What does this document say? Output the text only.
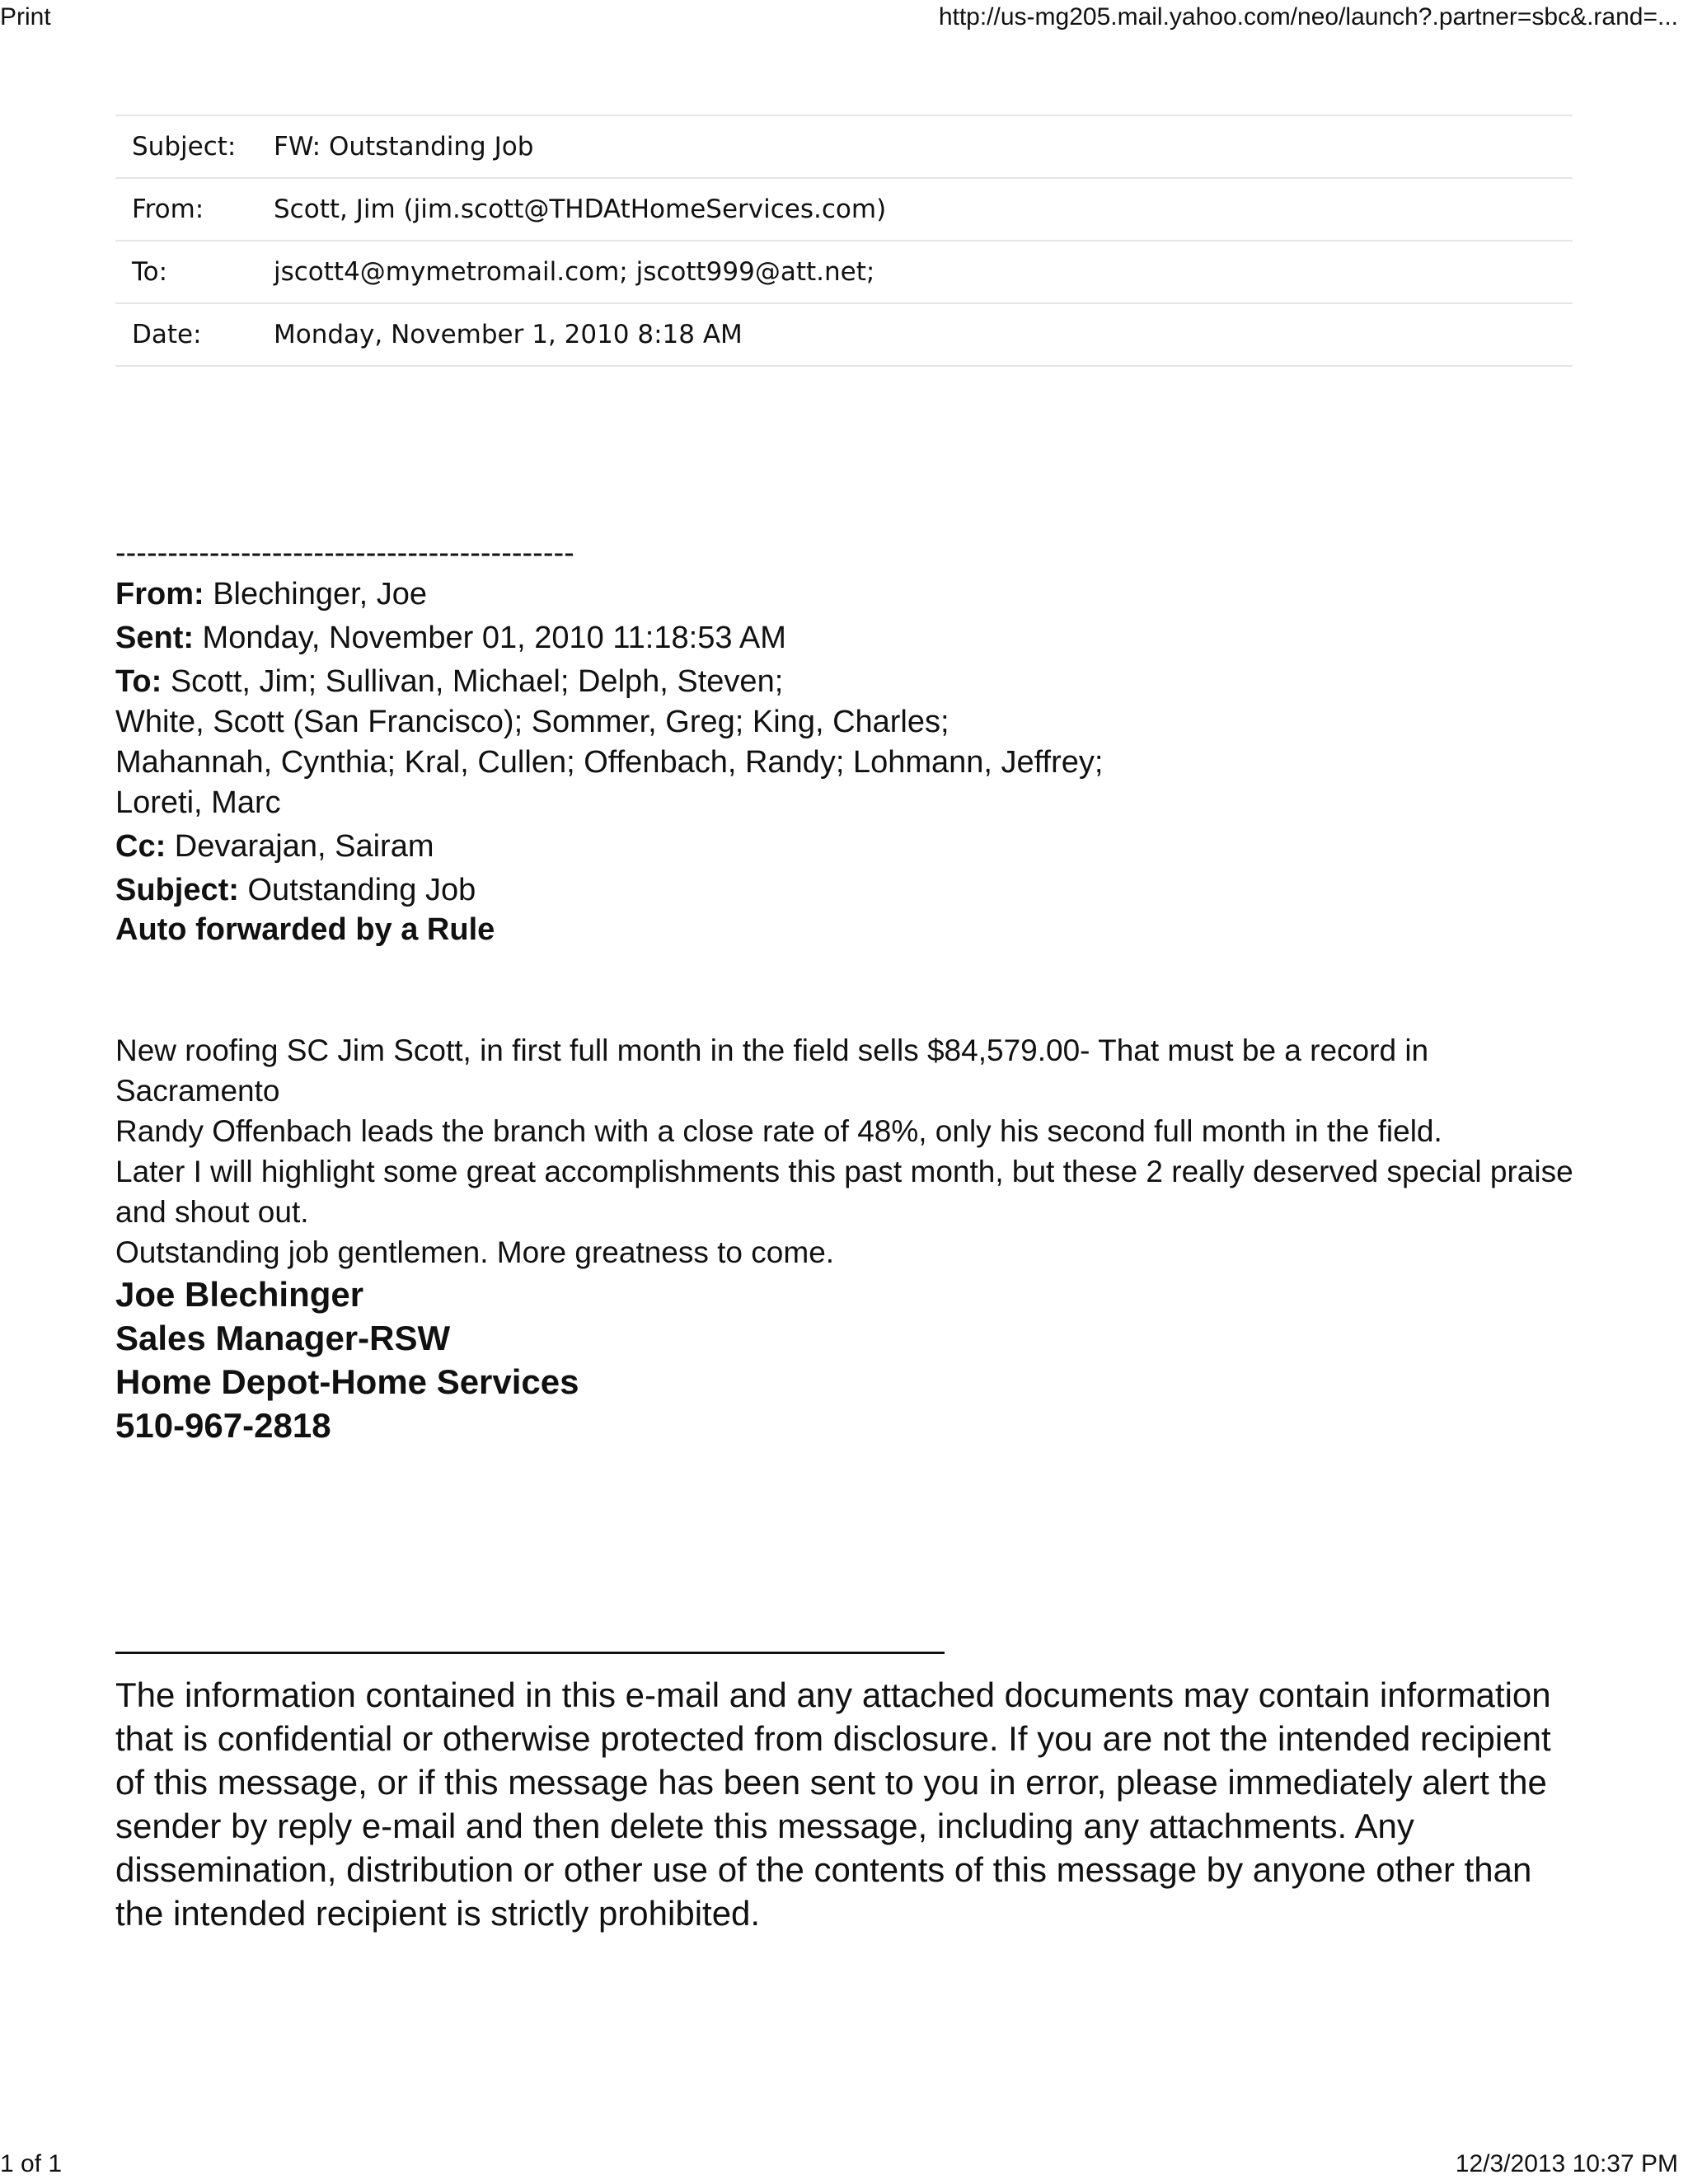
Print	http://us-mg205.mail.yahoo.com/neo/launch?.partner=sbc&.rand=...
Subject:	FW: Outstanding Job
From:	Scott, Jim (jim.scott@THDAtHomeServices.com)
To:	jscott4@mymetromail.com; jscott999@att.net;
Date:	Monday, November 1, 2010 8:18 AM
--------------------------------------------
From: Blechinger, Joe
Sent: Monday, November 01, 2010 11:18:53 AM
To: Scott, Jim; Sullivan, Michael; Delph, Steven;
White, Scott (San Francisco); Sommer, Greg; King, Charles;
Mahannah, Cynthia; Kral, Cullen; Offenbach, Randy; Lohmann, Jeffrey;
Loreti, Marc
Cc: Devarajan, Sairam
Subject: Outstanding Job
Auto forwarded by a Rule

New roofing SC Jim Scott, in first full month in the field sells $84,579.00- That must be a record in Sacramento

Randy Offenbach leads the branch with a close rate of 48%, only his second full month in the field.

Later I will highlight some great accomplishments this past month, but these 2 really deserved special praise and shout out.

Outstanding job gentlemen. More greatness to come.

Joe Blechinger
Sales Manager-RSW
Home Depot-Home Services
510-967-2818
The information contained in this e-mail and any attached documents may contain information that is confidential or otherwise protected from disclosure. If you are not the intended recipient of this message, or if this message has been sent to you in error, please immediately alert the sender by reply e-mail and then delete this message, including any attachments. Any dissemination, distribution or other use of the contents of this message by anyone other than the intended recipient is strictly prohibited.
1 of 1	12/3/2013 10:37 PM
